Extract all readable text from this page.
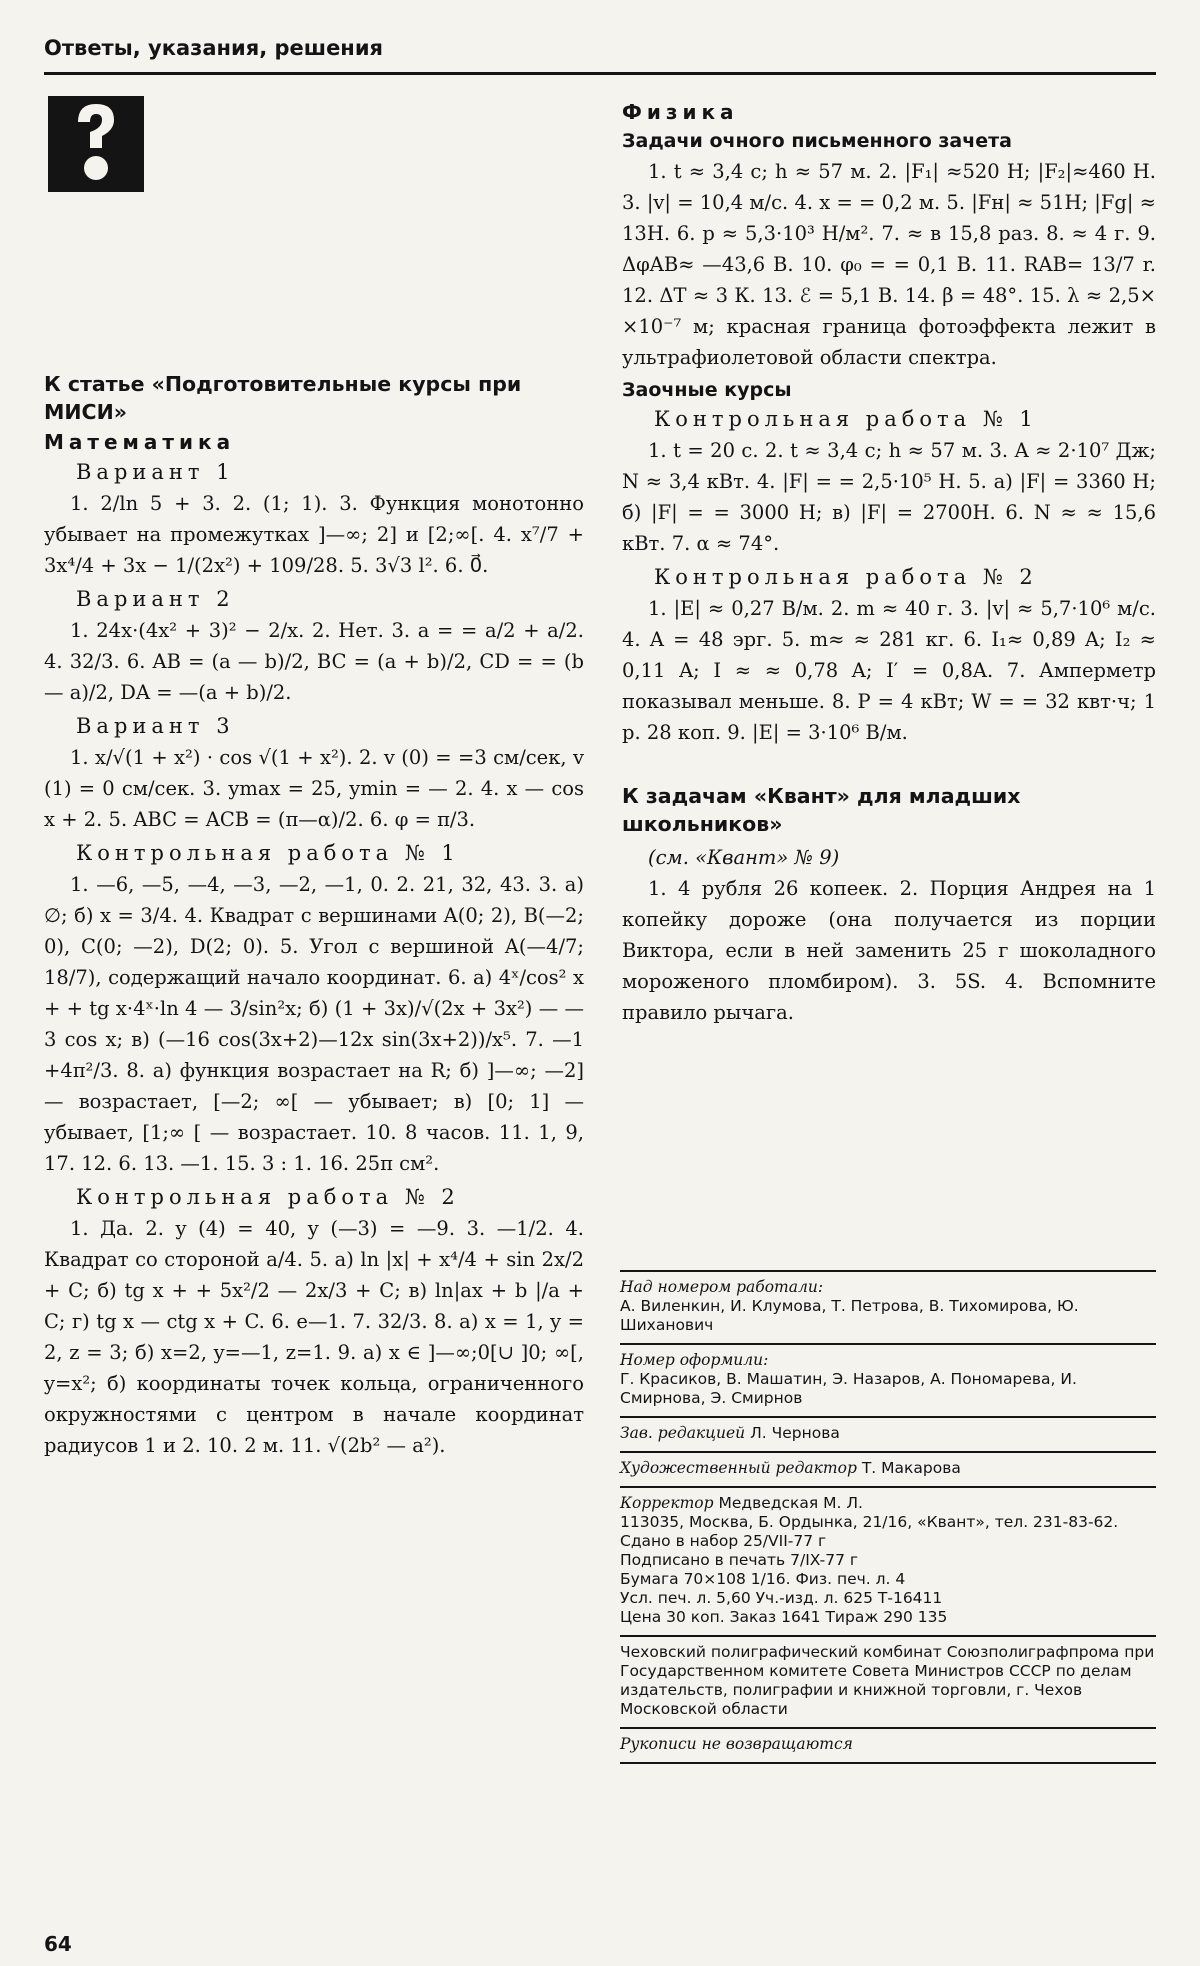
Ответы, указания, решения
К статье «Подготовительные курсы при МИСИ»
Математика
Вариант 1

1. 2/ln 5 + 3. 2. (1; 1). 3. Функция монотонно убывает на промежутках ]—∞; 2] и [2;∞[. 4. x⁷/7 + 3x⁴/4 + 3x − 1/(2x²) + 109/28. 5. 3√3 l². 6. 0⃗.

Вариант 2

1. 24x·(4x² + 3)² − 2/x. 2. Нет. 3. a = = a/2 + a/2. 4. 32/3. 6. AB = (a — b)/2, BC = (a + b)/2, CD = = (b — a)/2, DA = —(a + b)/2.

Вариант 3

1. x/√(1 + x²) · cos √(1 + x²). 2. v (0) = =3 см/сек, v (1) = 0 см/сек. 3. ymax = 25, ymin = — 2. 4. x — cos x + 2. 5. ABC = ACB = (π—α)/2. 6. φ = π/3.

Контрольная работа № 1

1. —6, —5, —4, —3, —2, —1, 0. 2. 21, 32, 43. 3. а) ∅; б) x = 3/4. 4. Квадрат с вершинами A(0; 2), B(—2; 0), C(0; —2), D(2; 0). 5. Угол с вершиной A(—4/7; 18/7), содержащий начало координат. 6. а) 4ˣ/cos² x + + tg x·4ˣ·ln 4 — 3/sin²x; б) (1 + 3x)/√(2x + 3x²) — —3 cos x; в) (—16 cos(3x+2)—12x sin(3x+2))/x⁵. 7. —1 +4π²/3. 8. а) функция возрастает на R; б) ]—∞; —2] — возрастает, [—2; ∞[ — убывает; в) [0; 1] — убывает, [1;∞ [ — возрастает. 10. 8 часов. 11. 1, 9, 17. 12. 6. 13. —1. 15. 3 : 1. 16. 25π см².

Контрольная работа № 2

1. Да. 2. y (4) = 40, y (—3) = —9. 3. —1/2. 4. Квадрат со стороной a/4. 5. а) ln |x| + x⁴/4 + sin 2x/2 + C; б) tg x + + 5x²/2 — 2x/3 + C; в) ln|ax + b |/a + C; г) tg x — ctg x + C. 6. e—1. 7. 32/3. 8. а) x = 1, y = 2, z = 3; б) x=2, y=—1, z=1. 9. а) x ∈ ]—∞;0[∪ ]0; ∞[, y=x²; б) координаты точек кольца, ограниченного окружностями с центром в начале координат радиусов 1 и 2. 10. 2 м. 11. √(2b² — a²).

Физика
Задачи очного письменного зачета

1. t ≈ 3,4 с; h ≈ 57 м. 2. |F₁| ≈520 Н; |F₂|≈460 Н. 3. |v| = 10,4 м/с. 4. x = = 0,2 м. 5. |Fн| ≈ 51Н; |Fg| ≈ 13Н. 6. p ≈ 5,3·10³ Н/м². 7. ≈ в 15,8 раз. 8. ≈ 4 г. 9. ΔφAB≈ —43,6 В. 10. φ₀ = = 0,1 В. 11. RAB= 13/7 r. 12. ΔT ≈ 3 К. 13. ℰ = 5,1 В. 14. β = 48°. 15. λ ≈ 2,5× ×10⁻⁷ м; красная граница фотоэффекта лежит в ультрафиолетовой области спектра.

Заочные курсы
Контрольная работа № 1

1. t = 20 с. 2. t ≈ 3,4 с; h ≈ 57 м. 3. A ≈ 2·10⁷ Дж; N ≈ 3,4 кВт. 4. |F| = = 2,5·10⁵ Н. 5. а) |F| = 3360 Н; б) |F| = = 3000 Н; в) |F| = 2700Н. 6. N ≈ ≈ 15,6 кВт. 7. α ≈ 74°.

Контрольная работа № 2

1. |E| ≈ 0,27 В/м. 2. m ≈ 40 г. 3. |v| ≈ 5,7·10⁶ м/с. 4. A = 48 эрг. 5. m≈ ≈ 281 кг. 6. I₁≈ 0,89 A; I₂ ≈ 0,11 A; I ≈ ≈ 0,78 A; I′ = 0,8A. 7. Амперметр показывал меньше. 8. P = 4 кВт; W = = 32 квт·ч; 1 р. 28 коп. 9. |E| = 3·10⁶ В/м.

К задачам «Квант» для младших школьников»

(см. «Квант» № 9)

1. 4 рубля 26 копеек. 2. Порция Андрея на 1 копейку дороже (она получается из порции Виктора, если в ней заменить 25 г шоколадного мороженого пломбиром). 3. 5S. 4. Вспомните правило рычага.

Над номером работали:
А. Виленкин, И. Клумова, Т. Петрова, В. Тихомирова, Ю. Шиханович
Номер оформили:
Г. Красиков, В. Машатин, Э. Назаров, А. Пономарева, И. Смирнова, Э. Смирнов
Зав. редакцией Л. Чернова
Художественный редактор Т. Макарова
Корректор Медведская М. Л.
113035, Москва, Б. Ордынка, 21/16, «Квант», тел. 231-83-62.
Сдано в набор 25/VII-77 г
Подписано в печать 7/IX-77 г
Бумага 70×108 1/16. Физ. печ. л. 4
Усл. печ. л. 5,60 Уч.-изд. л. 625 Т-16411
Цена 30 коп. Заказ 1641 Тираж 290 135
Чеховский полиграфический комбинат Союзполиграфпрома при Государственном комитете Совета Министров СССР по делам издательств, полиграфии и книжной торговли, г. Чехов Московской области
Рукописи не возвращаются
64
